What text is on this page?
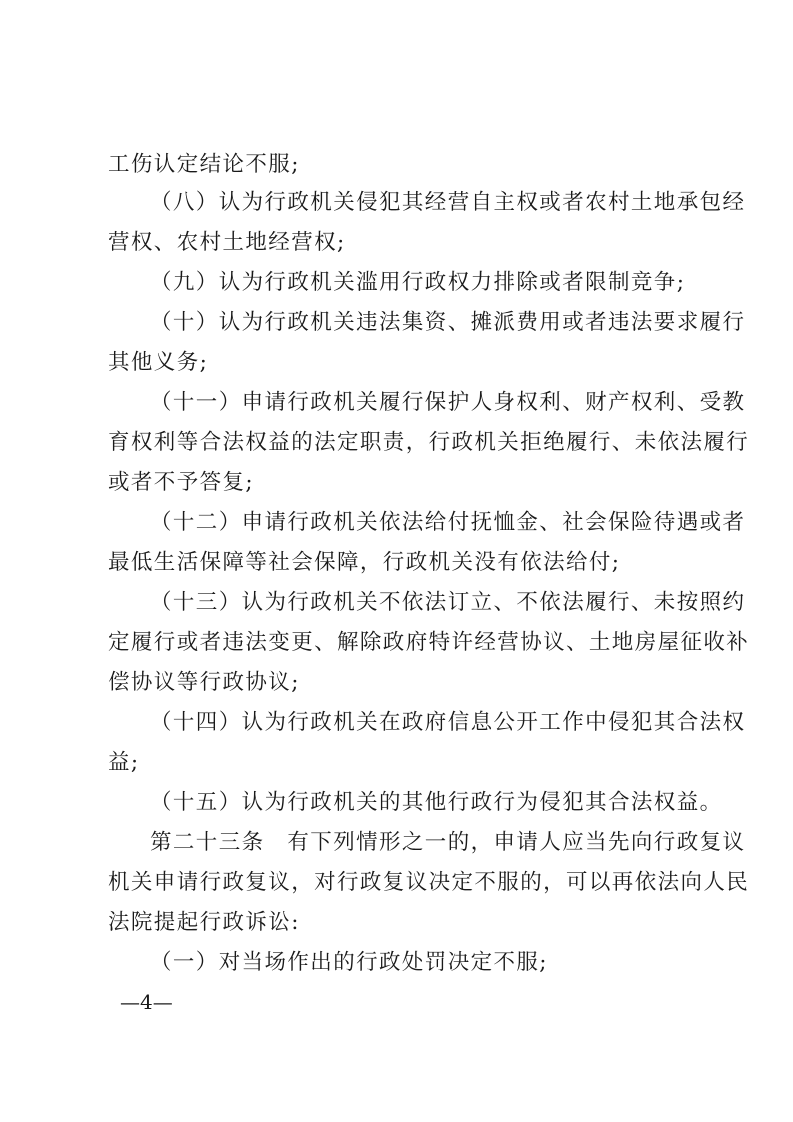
工伤认定结论不服;
（八）认为行政机关侵犯其经营自主权或者农村土地承包经
营权、农村土地经营权;
（九）认为行政机关滥用行政权力排除或者限制竞争;
（十）认为行政机关违法集资、摊派费用或者违法要求履行
其他义务;
（十一）申请行政机关履行保护人身权利、财产权利、受教
育权利等合法权益的法定职责，行政机关拒绝履行、未依法履行
或者不予答复;
（十二）申请行政机关依法给付抚恤金、社会保险待遇或者
最低生活保障等社会保障，行政机关没有依法给付;
（十三）认为行政机关不依法订立、不依法履行、未按照约
定履行或者违法变更、解除政府特许经营协议、土地房屋征收补
偿协议等行政协议;
（十四）认为行政机关在政府信息公开工作中侵犯其合法权
益;
（十五）认为行政机关的其他行政行为侵犯其合法权益。
第二十三条　有下列情形之一的，申请人应当先向行政复议
机关申请行政复议，对行政复议决定不服的，可以再依法向人民
法院提起行政诉讼:
（一）对当场作出的行政处罚决定不服;
—4—
